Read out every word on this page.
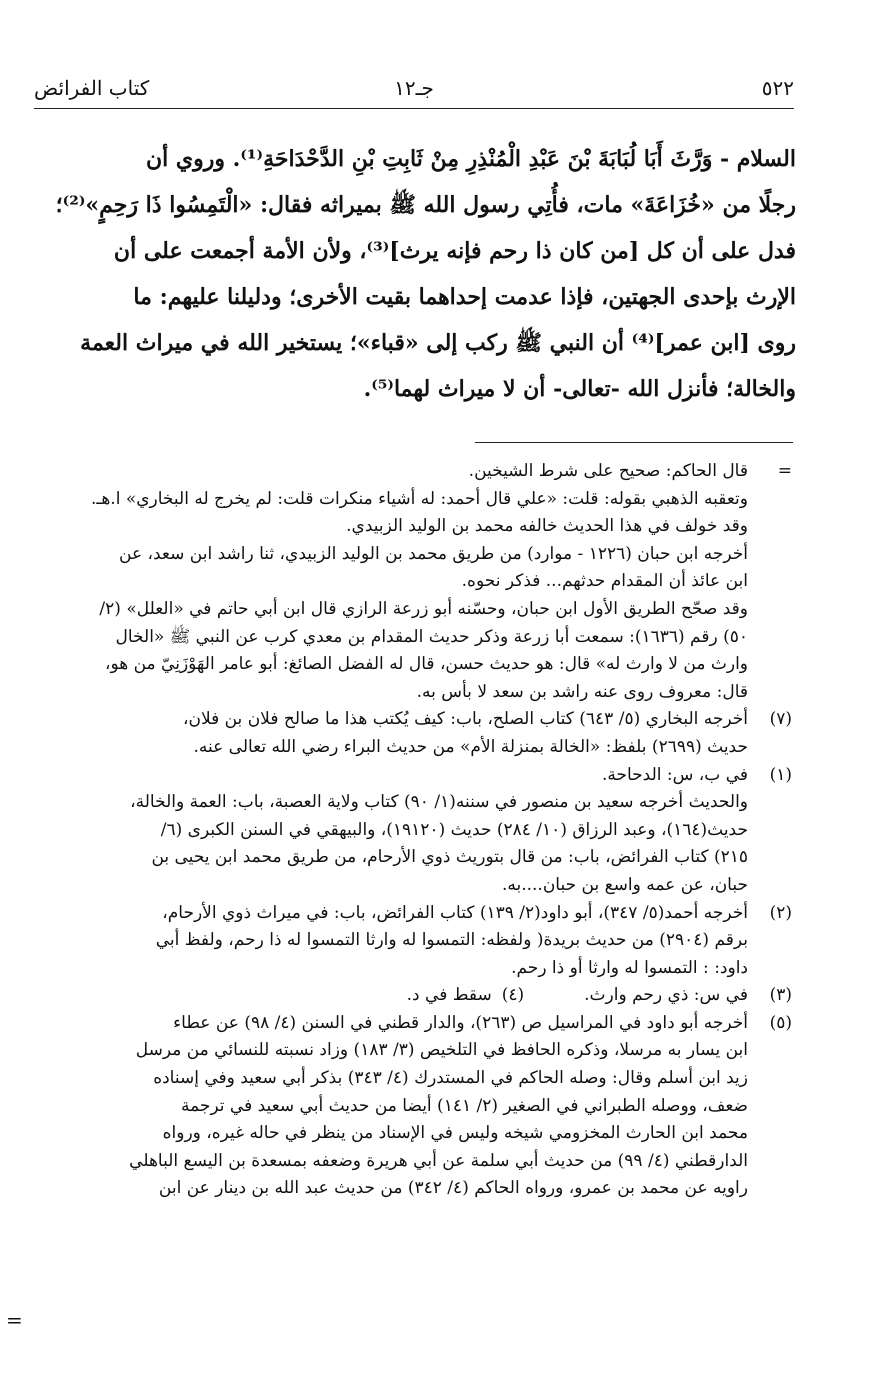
٥٢٢
جـ١٢
كتاب الفرائض

السلام - وَرَّثَ أَبَا لُبَابَةَ بْنَ عَبْدِ الْمُنْذِرِ مِنْ ثَابِتِ بْنِ الدَّحْدَاحَةِ⁽¹⁾. وروي أن

رجلًا من «خُزَاعَةَ» مات، فأُتِي رسول الله ﷺ بميراثه فقال: «الْتَمِسُوا ذَا رَحِمٍ»⁽²⁾؛

فدل على أن كل [من كان ذا رحم فإنه يرث]⁽³⁾، ولأن الأمة أجمعت على أن

الإرث بإحدى الجهتين، فإذا عدمت إحداهما بقيت الأخرى؛ ودليلنا عليهم: ما

روى [ابن عمر]⁽⁴⁾ أن النبي ﷺ ركب إلى «قباء»؛ يستخير الله في ميراث العمة

والخالة؛ فأنزل الله -تعالى- أن لا ميراث لهما⁽⁵⁾.

=
قال الحاكم: صحيح على شرط الشيخين.
وتعقبه الذهبي بقوله: قلت: «علي قال أحمد: له أشياء منكرات قلت: لم يخرج له البخاري» ا.هـ.
وقد خولف في هذا الحديث خالفه محمد بن الوليد الزبيدي.
أخرجه ابن حبان (١٢٢٦ - موارد) من طريق محمد بن الوليد الزبيدي، ثنا راشد ابن سعد، عن
ابن عائذ أن المقدام حدثهم... فذكر نحوه.
وقد صحّح الطريق الأول ابن حبان، وحسّنه أبو زرعة الرازي قال ابن أبي حاتم في «العلل» (٢/
٥٠) رقم (١٦٣٦): سمعت أبا زرعة وذكر حديث المقدام بن معدي كرب عن النبي ﷺ «الخال
وارث من لا وارث له» قال: هو حديث حسن، قال له الفضل الصائغ: أبو عامر الهَوْزَنِيّ من هو،
قال: معروف روى عنه راشد بن سعد لا بأس به.
(٧)
أخرجه البخاري (٥/ ٦٤٣) كتاب الصلح، باب: كيف يُكتب هذا ما صالح فلان بن فلان،
حديث (٢٦٩٩) بلفظ: «الخالة بمنزلة الأم» من حديث البراء رضي الله تعالى عنه.
(١)
في ب، س: الدحاحة.
والحديث أخرجه سعيد بن منصور في سننه(١/ ٩٠) كتاب ولاية العصبة، باب: العمة والخالة،
حديث(١٦٤)، وعبد الرزاق (١٠/ ٢٨٤) حديث (١٩١٢٠)، والبيهقي في السنن الكبرى (٦/
٢١٥) كتاب الفرائض، باب: من قال بتوريث ذوي الأرحام، من طريق محمد ابن يحيى بن
حبان، عن عمه واسع بن حبان....به.
(٢)
أخرجه أحمد(٥/ ٣٤٧)، أبو داود(٢/ ١٣٩) كتاب الفرائض، باب: في ميراث ذوي الأرحام،
برقم (٢٩٠٤) من حديث بريدة( ولفظه: التمسوا له وارثا التمسوا له ذا رحم، ولفظ أبي
داود: : التمسوا له وارثا أو ذا رحم.
(٣)
في س: ذي رحم وارث.
(٤)
سقط في د.
(٥)
أخرجه أبو داود في المراسيل ص (٢٦٣)، والدار قطني في السنن (٤/ ٩٨) عن عطاء
ابن يسار به مرسلا، وذكره الحافظ في التلخيص (٣/ ١٨٣) وزاد نسبته للنسائي من مرسل
زيد ابن أسلم وقال: وصله الحاكم في المستدرك (٤/ ٣٤٣) بذكر أبي سعيد وفي إسناده
ضعف، ووصله الطبراني في الصغير (٢/ ١٤١) أيضا من حديث أبي سعيد في ترجمة
محمد ابن الحارث المخزومي شيخه وليس في الإسناد من ينظر في حاله غيره، ورواه
الدارقطني (٤/ ٩٩) من حديث أبي سلمة عن أبي هريرة وضعفه بمسعدة بن اليسع الباهلي
راويه عن محمد بن عمرو، ورواه الحاكم (٤/ ٣٤٢) من حديث عبد الله بن دينار عن ابن
=
